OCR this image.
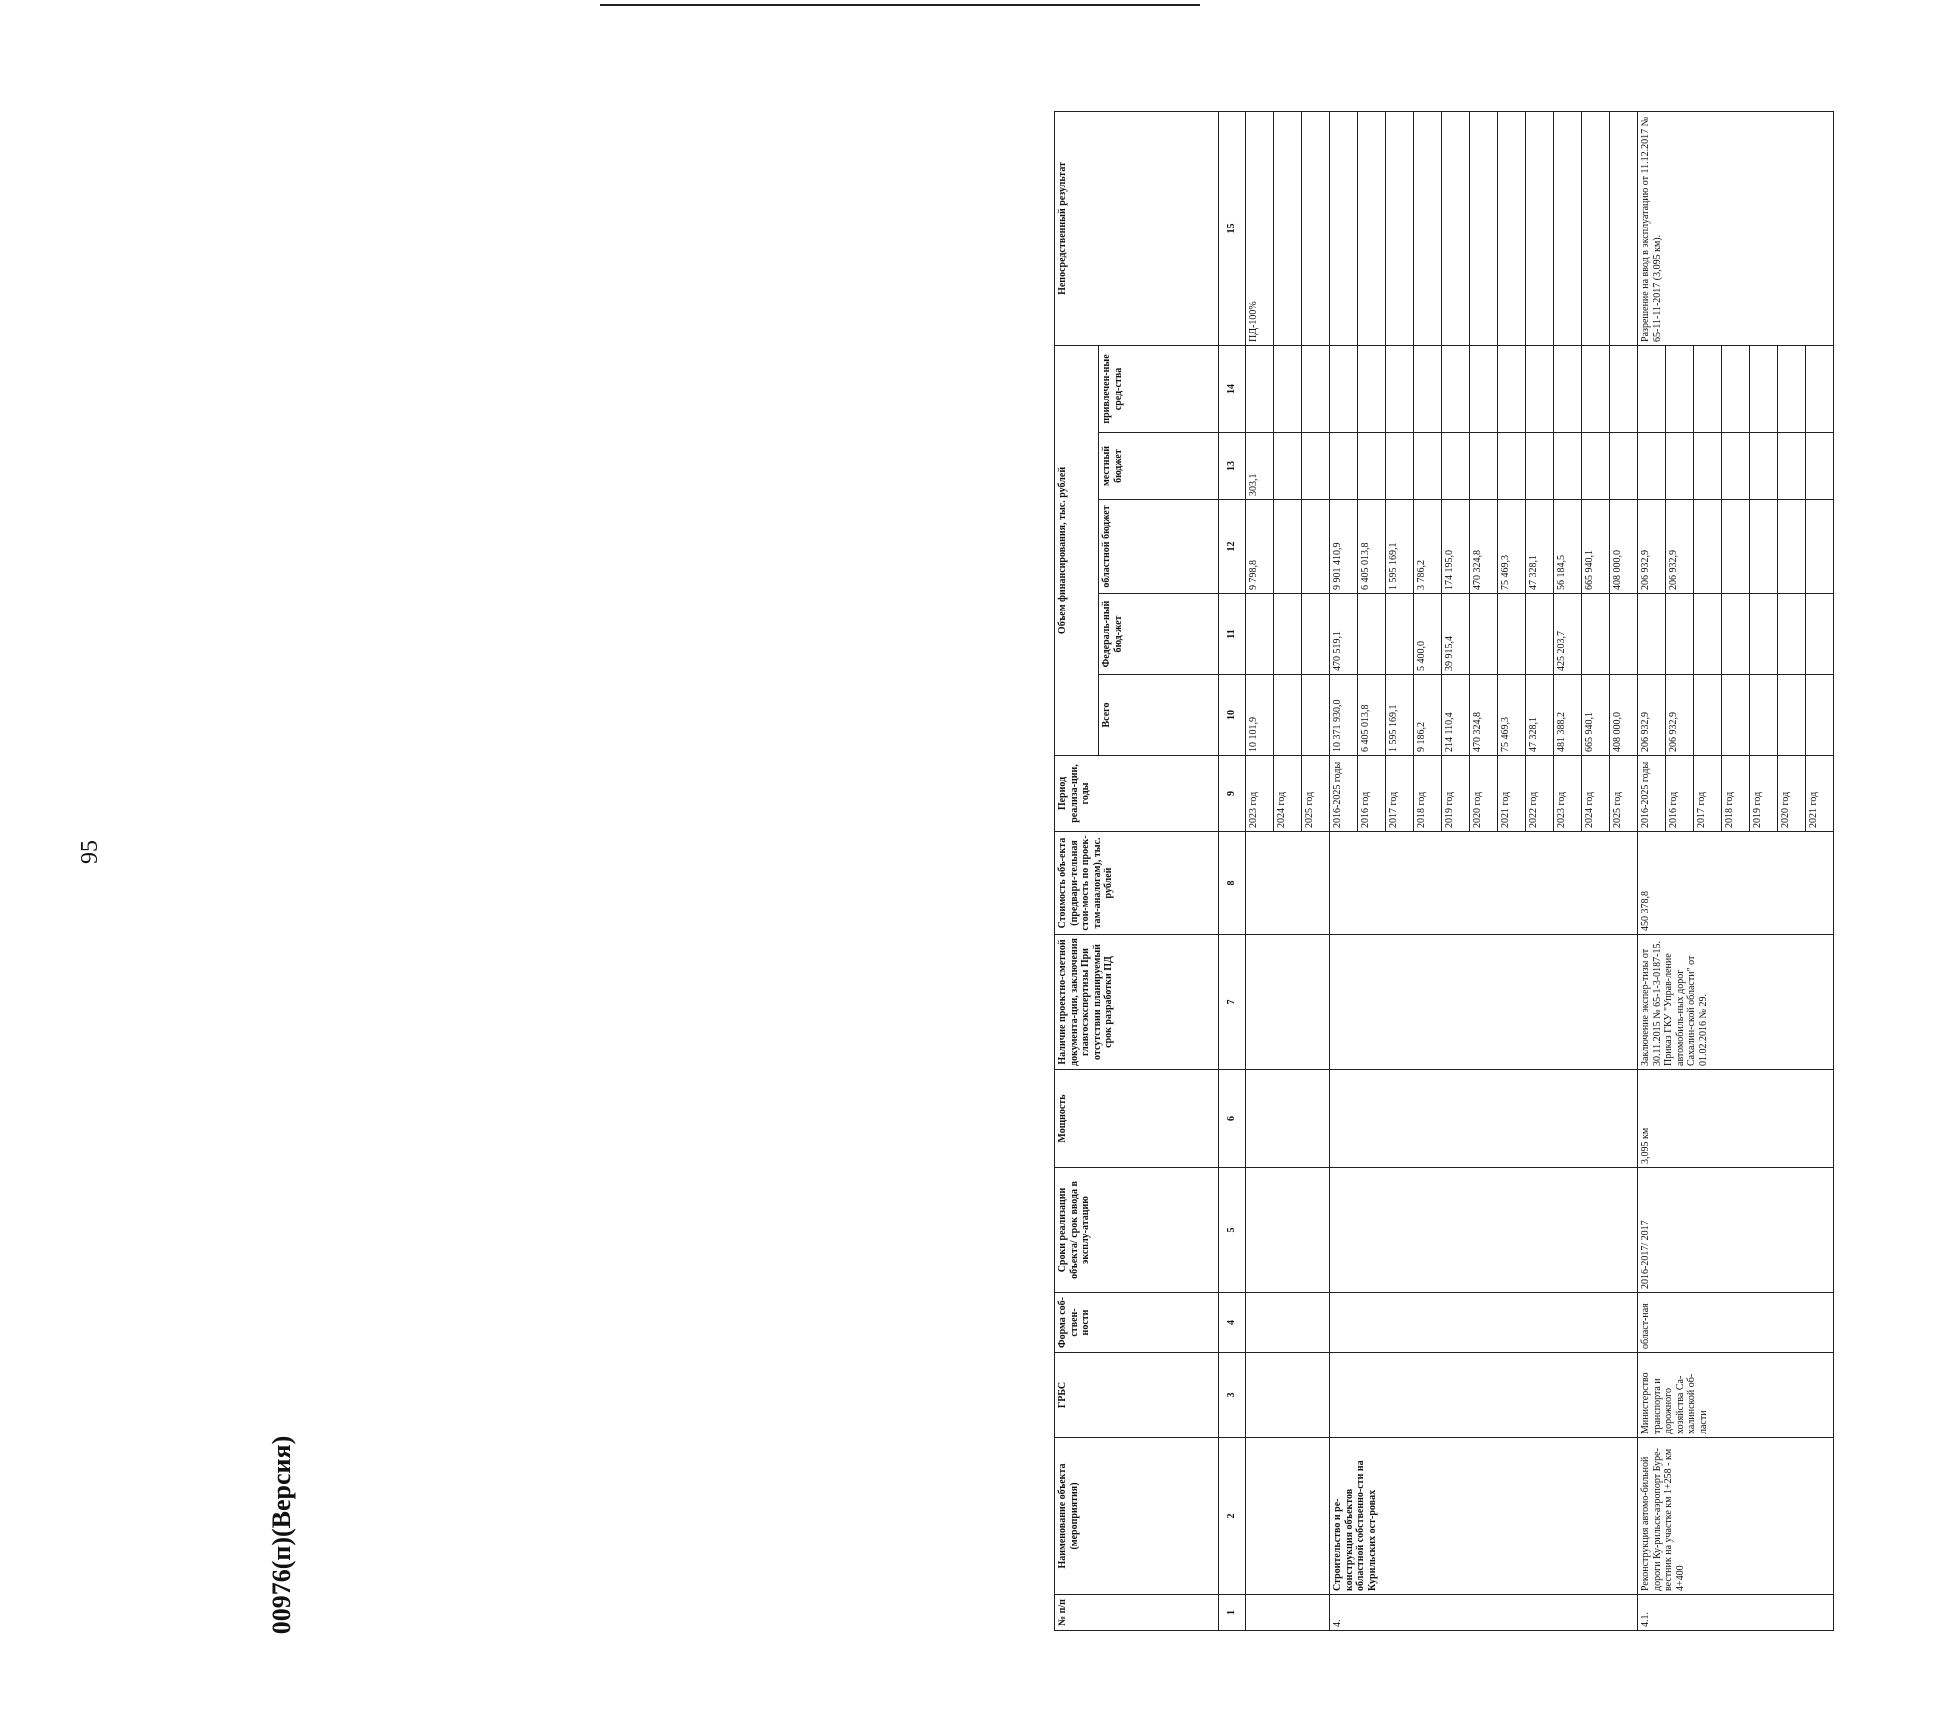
95
№ п/п	Наименование объекта (мероприятия)	ГРБС	Форма соб-ствен-ности	Сроки реализации объекта/ срок ввода в эксплу-атацию	Мощность	Наличие проектно-сметной документа-ции, заключения главгосэкспертизы При отсутствии планируемый срок разработки ПД	Стоимость объ-екта (предвари-тельная стои-мость по проек-там-аналогам), тыс. рублей	Период реализа-ции, годы	Объем финансирования, тыс. рублей					Непосредственный результат
									Всего	Федераль-ный бюд-жет	областной бюджет	местный бюджет	привлечен-ные сред-ства	
1	2	3	4	5	6	7	8	9	10	11	12	13	14	15
								2023 год	10 101,9		9 798,8	303,1		ПД-100%
								2024 год						
								2025 год						
4.	Строительство и ре-конструкция объектов областной собственно-сти на Курильских ост-ровах							2016-2025 годы	10 371 930,0	470 519,1	9 901 410,9			
								2016 год	6 405 013,8		6 405 013,8			
								2017 год	1 595 169,1		1 595 169,1			
								2018 год	9 186,2	5 400,0	3 786,2			
								2019 год	214 110,4	39 915,4	174 195,0			
								2020 год	470 324,8		470 324,8			
								2021 год	75 469,3		75 469,3			
								2022 год	47 328,1		47 328,1			
								2023 год	481 388,2	425 203,7	56 184,5			
								2024 год	665 940,1		665 940,1			
								2025 год	408 000,0		408 000,0			
4.1.	Реконструкция автомо-бильной дороги Ку-рильск-аэропорт Буре-вестник на участке км 1+258 - км 4+400	Министерство транспорта и дорожного хозяйства Са-халинской об-ласти	област-ная	2016-2017/ 2017	3,095 км	Заключение экспер-тизы от 30.11.2015 № 65-1-3-0187-15. Приказ ГКУ "Управ-ление автомобиль-ных дорог Сахалин-ской области" от 01.02.2016 № 29.	450 378,8	2016-2025 годы	206 932,9		206 932,9			Разрешение на ввод в эксплуатацию от 11.12.2017 № 65-11-11-2017 (3,095 км).
								2016 год	206 932,9		206 932,9			
								2017 год						
								2018 год						
								2019 год						
								2020 год						
								2021 год						
00976(п)(Версия)
